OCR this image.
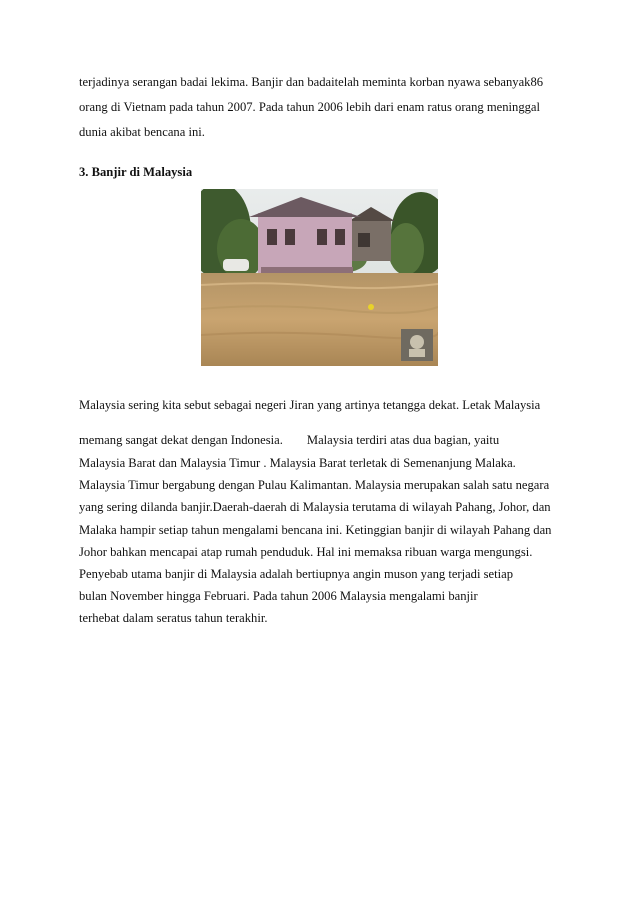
terjadinya serangan badai lekima. Banjir dan badaitelah meminta korban nyawa sebanyak86
orang di Vietnam pada tahun 2007. Pada tahun 2006 lebih dari enam ratus orang meninggal
dunia akibat bencana ini.
3. Banjir di Malaysia
Malaysia sering kita sebut sebagai negeri Jiran yang artinya tetangga dekat. Letak Malaysia
memang sangat dekat dengan Indonesia. Malaysia terdiri atas dua bagian, yaitu
Malaysia Barat dan Malaysia Timur . Malaysia Barat terletak di Semenanjung Malaka.
Malaysia Timur bergabung dengan Pulau Kalimantan. Malaysia merupakan salah satu negara
yang sering dilanda banjir.Daerah-daerah di Malaysia terutama di wilayah Pahang, Johor, dan
Malaka hampir setiap tahun mengalami bencana ini. Ketinggian banjir di wilayah Pahang dan
Johor bahkan mencapai atap rumah penduduk. Hal ini memaksa ribuan warga mengungsi.
Penyebab utama banjir di Malaysia adalah bertiupnya angin muson yang terjadi setiap
bulan November hingga Februari. Pada tahun 2006 Malaysia mengalami banjir
terhebat dalam seratus tahun terakhir.
